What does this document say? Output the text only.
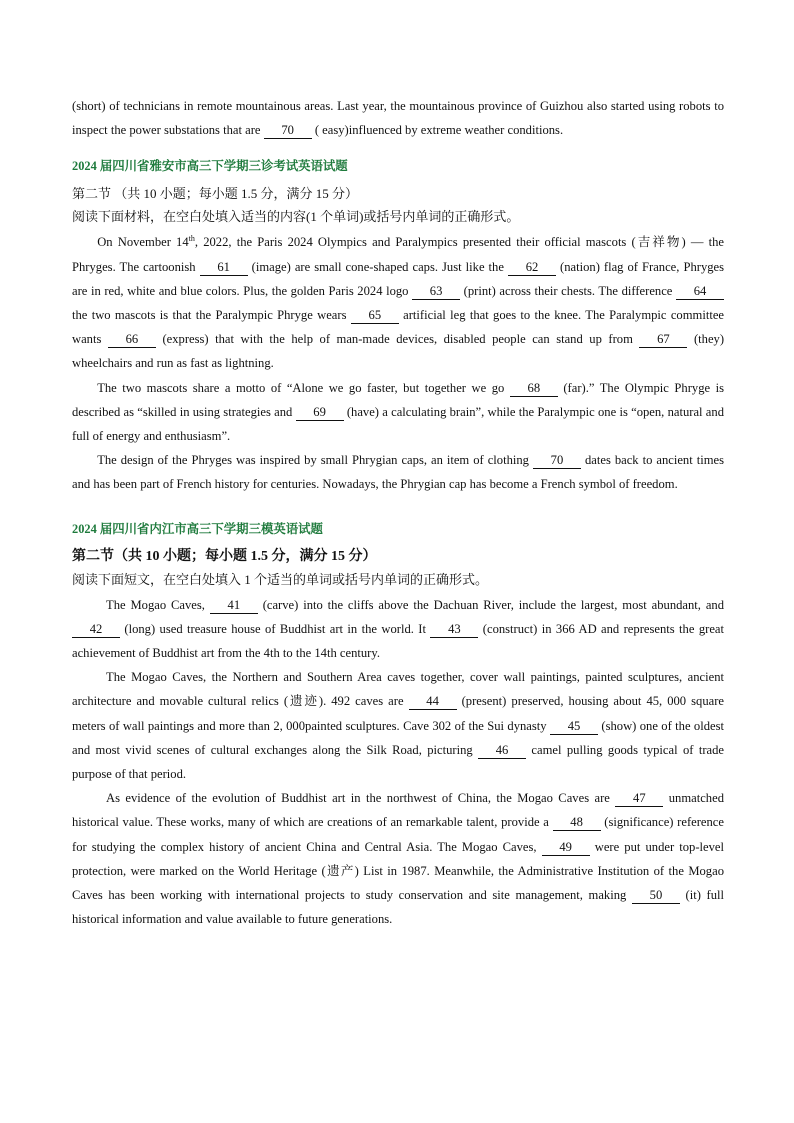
(short) of technicians in remote mountainous areas. Last year, the mountainous province of Guizhou also started using robots to inspect the power substations that are 70 ( easy)influenced by extreme weather conditions.

2024 届四川省雅安市高三下学期三诊考试英语试题
第二节 （共 10 小题；每小题 1.5 分，满分 15 分）
阅读下面材料，在空白处填入适当的内容(1 个单词)或括号内单词的正确形式。

On November 14th, 2022, the Paris 2024 Olympics and Paralympics presented their official mascots (吉祥物) — the Phryges. The cartoonish 61 (image) are small cone-shaped caps. Just like the 62 (nation) flag of France, Phryges are in red, white and blue colors. Plus, the golden Paris 2024 logo 63 (print) across their chests. The difference 64 the two mascots is that the Paralympic Phryge wears 65 artificial leg that goes to the knee. The Paralympic committee wants 66 (express) that with the help of man-made devices, disabled people can stand up from 67 (they) wheelchairs and run as fast as lightning.

The two mascots share a motto of “Alone we go faster, but together we go 68 (far).” The Olympic Phryge is described as “skilled in using strategies and 69 (have) a calculating brain”, while the Paralympic one is “open, natural and full of energy and enthusiasm”.

The design of the Phryges was inspired by small Phrygian caps, an item of clothing 70 dates back to ancient times and has been part of French history for centuries. Nowadays, the Phrygian cap has become a French symbol of freedom.

2024 届四川省内江市高三下学期三模英语试题
第二节（共 10 小题；每小题 1.5 分，满分 15 分）
阅读下面短文，在空白处填入 1 个适当的单词或括号内单词的正确形式。

The Mogao Caves, 41 (carve) into the cliffs above the Dachuan River, include the largest, most abundant, and 42 (long) used treasure house of Buddhist art in the world. It 43 (construct) in 366 AD and represents the great achievement of Buddhist art from the 4th to the 14th century.

The Mogao Caves, the Northern and Southern Area caves together, cover wall paintings, painted sculptures, ancient architecture and movable cultural relics (遗迹). 492 caves are 44 (present) preserved, housing about 45, 000 square meters of wall paintings and more than 2, 000painted sculptures. Cave 302 of the Sui dynasty 45 (show) one of the oldest and most vivid scenes of cultural exchanges along the Silk Road, picturing 46 camel pulling goods typical of trade purpose of that period.

As evidence of the evolution of Buddhist art in the northwest of China, the Mogao Caves are 47 unmatched historical value. These works, many of which are creations of an remarkable talent, provide a 48 (significance) reference for studying the complex history of ancient China and Central Asia. The Mogao Caves, 49 were put under top-level protection, were marked on the World Heritage (遗产) List in 1987. Meanwhile, the Administrative Institution of the Mogao Caves has been working with international projects to study conservation and site management, making 50 (it) full historical information and value available to future generations.
